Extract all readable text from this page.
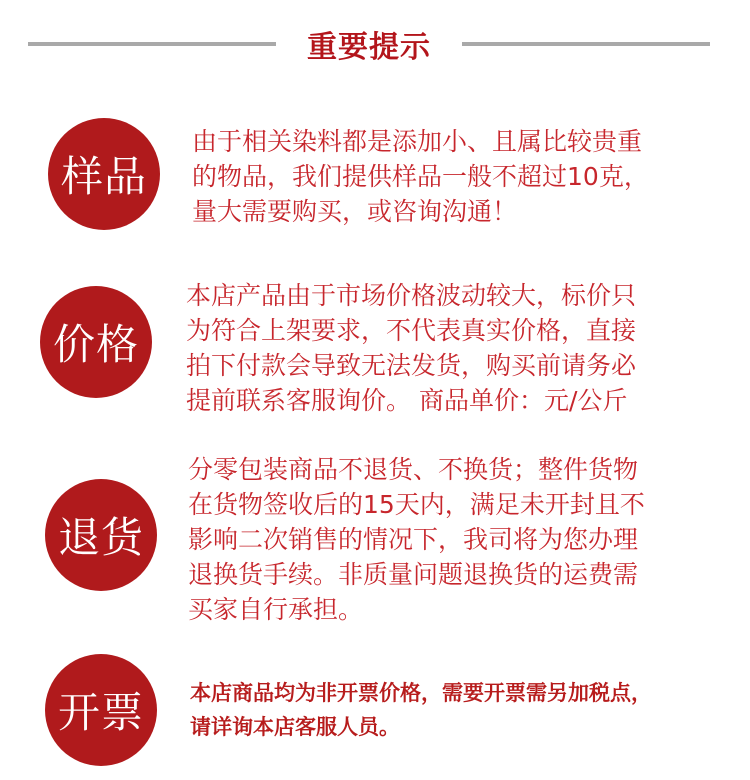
重要提示
样品
由于相关染料都是添加小、且属比较贵重
的物品，我们提供样品一般不超过10克，
量大需要购买，或咨询沟通！
价格
本店产品由于市场价格波动较大，标价只
为符合上架要求，不代表真实价格，直接
拍下付款会导致无法发货，购买前请务必
提前联系客服询价。 商品单价：元/公斤
退货
分零包装商品不退货、不换货；整件货物
在货物签收后的15天内，满足未开封且不
影响二次销售的情况下，我司将为您办理
退换货手续。非质量问题退换货的运费需
买家自行承担。
开票	本店商品均为非开票价格，需要开票需另加税点，
请详询本店客服人员。
